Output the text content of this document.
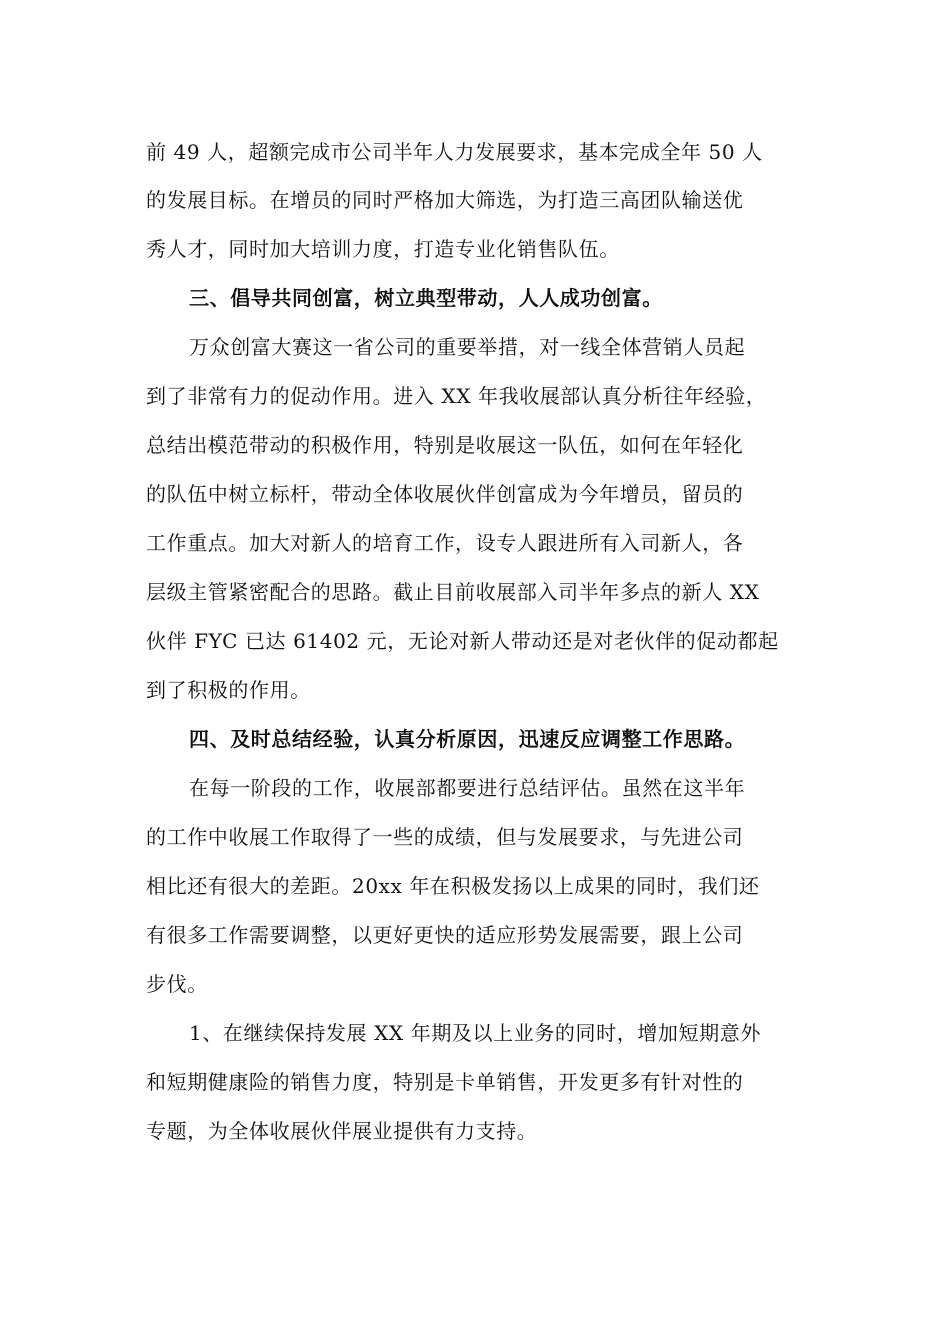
前 49 人，超额完成市公司半年人力发展要求，基本完成全年 50 人
的发展目标。在增员的同时严格加大筛选，为打造三高团队输送优
秀人才，同时加大培训力度，打造专业化销售队伍。
三、倡导共同创富，树立典型带动，人人成功创富。
万众创富大赛这一省公司的重要举措，对一线全体营销人员起
到了非常有力的促动作用。进入 XX 年我收展部认真分析往年经验，
总结出模范带动的积极作用，特别是收展这一队伍，如何在年轻化
的队伍中树立标杆，带动全体收展伙伴创富成为今年增员，留员的
工作重点。加大对新人的培育工作，设专人跟进所有入司新人，各
层级主管紧密配合的思路。截止目前收展部入司半年多点的新人 XX
伙伴 FYC 已达 61402 元，无论对新人带动还是对老伙伴的促动都起
到了积极的作用。
四、及时总结经验，认真分析原因，迅速反应调整工作思路。
在每一阶段的工作，收展部都要进行总结评估。虽然在这半年
的工作中收展工作取得了一些的成绩，但与发展要求，与先进公司
相比还有很大的差距。20xx 年在积极发扬以上成果的同时，我们还
有很多工作需要调整，以更好更快的适应形势发展需要，跟上公司
步伐。
1、在继续保持发展 XX 年期及以上业务的同时，增加短期意外
和短期健康险的销售力度，特别是卡单销售，开发更多有针对性的
专题，为全体收展伙伴展业提供有力支持。
